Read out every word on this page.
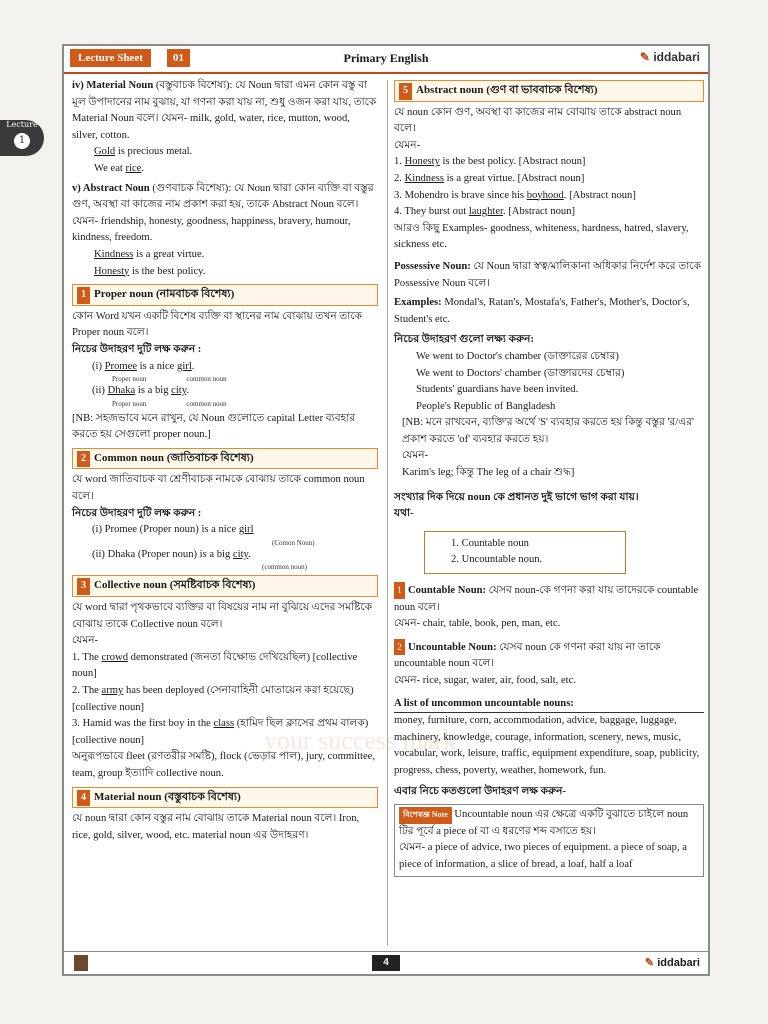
Lecture
1
Lecture Sheet	01	Primary English	✎ iddabari
your success mark

iv) Material Noun (বস্তুবাচক বিশেষ্য): যে Noun দ্বারা এমন কোন বস্তু বা মূল উপাদানের নাম বুঝায়, যা গণনা করা যায় না, শুধু ওজন করা যায়, তাকে Material Noun বলে। যেমন- milk, gold, water, rice, mutton, wood, silver, cotton.

Gold is precious metal.

We eat rice.

v) Abstract Noun (গুণবাচক বিশেষ্য): যে Noun দ্বারা কোন ব্যক্তি বা বস্তুর গুণ, অবস্থা বা কাজের নাম প্রকাশ করা হয়, তাকে Abstract Noun বলে। যেমন- friendship, honesty, goodness, happiness, bravery, humour, kindness, freedom.

Kindness is a great virtue.

Honesty is the best policy.

1 Proper noun (নামবাচক বিশেষ্য)

কোন Word যখন একটি বিশেষ ব্যক্তি বা স্থানের নাম বোঝায় তখন তাকে Proper noun বলে।

নিচের উদাহরণ দুটি লক্ষ করুন :

(i) Promee is a nice girl.

Proper noun	common noun

(ii) Dhaka is a big city.

Proper noun	common noun

[NB: সহজভাবে মনে রাখুন, যে Noun গুলোতে capital Letter ব্যবহার করতে হয় সেগুলো proper noun.]

2 Common noun (জাতিবাচক বিশেষ্য)

যে word জাতিবাচক বা শ্রেণীবাচক নামকে বোঝায় তাকে common noun বলে।

নিচের উদাহরণ দুটি লক্ষ করুন :

(i) Promee (Proper noun) is a nice girl

(Comon Noun)

(ii) Dhaka (Proper noun) is a big city.

(common noun)

3 Collective noun (সমষ্টিবাচক বিশেষ্য)

যে word দ্বারা পৃথকভাবে ব্যক্তির বা বিষয়ের নাম না বুঝিয়ে এদের সমষ্টিকে বোঝায় তাকে Collective noun বলে।

যেমন-

1. The crowd demonstrated (জনতা বিক্ষোভ দেখিয়েছিল) [collective noun]

2. The army has been deployed (সেনাবাহিনী মোতায়েন করা হয়েছে) [collective noun]

3. Hamid was the first boy in the class (হামিদ ছিল ক্লাসের প্রথম বালক) [collective noun]

অনুরূপভাবে fleet (রণতরীর সমষ্টি), flock (ভেড়ার পাল), jury, committee, team, group ইত্যাদি collective noun.

4 Material noun (বস্তুবাচক বিশেষ্য)

যে noun দ্বারা কোন বস্তুর নাম বোঝায় তাকে Material noun বলে। Iron, rice, gold, silver, wood, etc. material noun এর উদাহরণ।

5 Abstract noun (গুণ বা ভাববাচক বিশেষ্য)

যে noun কোন গুণ, অবস্থা বা কাজের নাম বোঝায় তাকে abstract noun বলে।

যেমন-

1. Honesty is the best policy. [Abstract noun]

2. Kindness is a great virtue. [Abstract noun]

3. Mohendro is brave since his boyhood. [Abstract noun]

4. They burst out laughter. [Abstract noun]

আরও কিছু Examples- goodness, whiteness, hardness, hatred, slavery, sickness etc.

Possessive Noun: যে Noun দ্বারা স্বত্ব/মালিকানা অধিকার নির্দেশ করে তাকে Possessive Noun বলে।

Examples: Mondal's, Ratan's, Mostafa's, Father's, Mother's, Doctor's, Student's etc.

নিচের উদাহরণ গুলো লক্ষ্য করুন:

We went to Doctor's chamber (ডাক্তারের চেম্বার)

We went to Doctors' chamber (ডাক্তারদের চেম্বার)

Students' guardians have been invited.

People's Republic of Bangladesh

[NB: মনে রাখবেন, ব্যক্তি'র অর্থে 'S' ব্যবহার করতে হয় কিন্তু বস্তুর 'র/এর' প্রকাশ করতে 'of' ব্যবহার করতে হয়।

যেমন-

Karim's leg; কিন্তু The leg of a chair শুদ্ধ]

সংখ্যার দিক দিয়ে noun কে প্রধানত দুই ভাগে ভাগ করা যায়।

যথা-

1. Countable noun

2. Uncountable noun.

1 Countable Noun: যেসব noun-কে গণনা করা যায় তাদেরকে countable noun বলে।

যেমন- chair, table, book, pen, man, etc.

2 Uncountable Noun: যেসব noun কে গণনা করা যায় না তাকে uncountable noun বলে।

যেমন- rice, sugar, water, air, food, salt, etc.

A list of uncommon uncountable nouns:

money, furniture, corn, accommodation, advice, baggage, luggage, machinery, knowledge, courage, information, scenery, news, music, vocabular, work, leisure, traffic, equipment expenditure, soap, publicity, progress, chess, poverty, weather, homework, fun.

এবার নিচে কতগুলো উদাহরণ লক্ষ করুন-

বিশেষজ্ঞ Note Uncountable noun এর ক্ষেত্রে একটি বুঝাতে চাইলে noun টির পূর্বে a piece of বা এ ধরণের শব্দ বসাতে হয়।

যেমন- a piece of advice, two pieces of equipment. a piece of soap, a piece of information, a slice of bread, a loaf, half a loaf

4	✎ iddabari
